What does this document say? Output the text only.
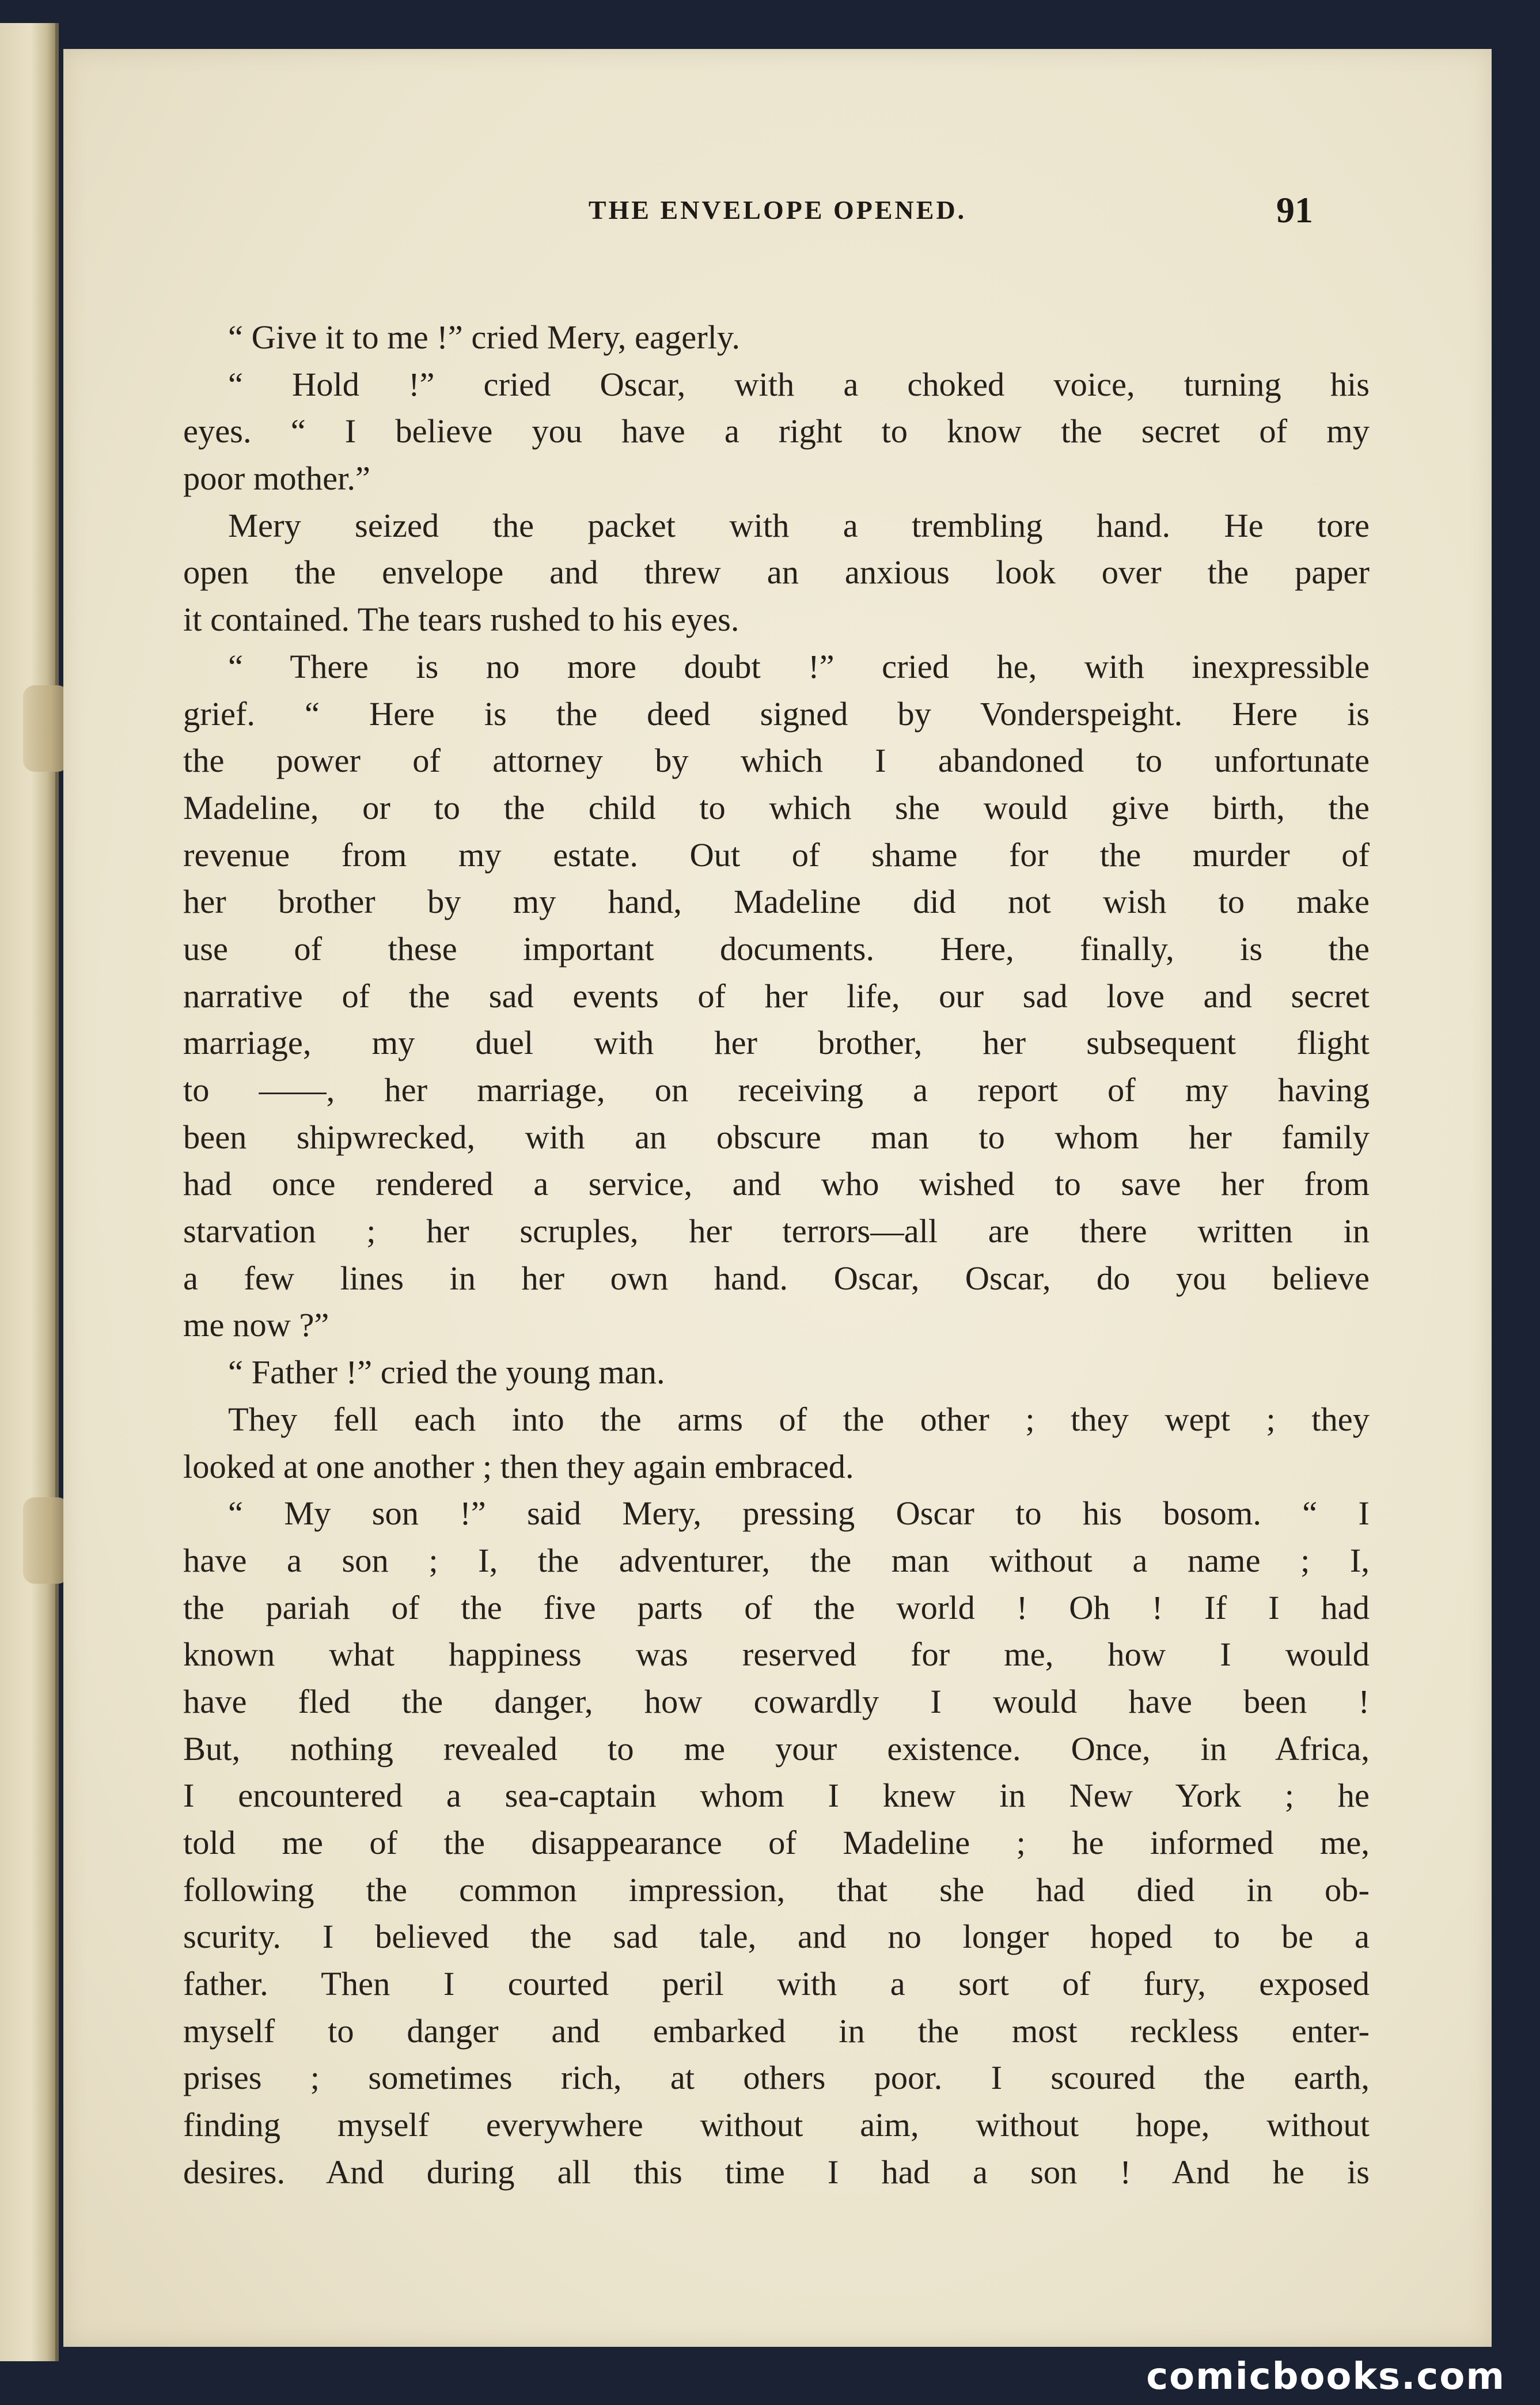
THE ENVELOPE OPENED.	91
“ Give it to me !” cried Mery, eagerly.
“ Hold !” cried Oscar, with a choked voice, turning his
eyes. “ I believe you have a right to know the secret of my
poor mother.”
Mery seized the packet with a trembling hand. He tore
open the envelope and threw an anxious look over the paper
it contained. The tears rushed to his eyes.
“ There is no more doubt !” cried he, with inexpressible
grief. “ Here is the deed signed by Vonderspeight. Here is
the power of attorney by which I abandoned to unfortunate
Madeline, or to the child to which she would give birth, the
revenue from my estate. Out of shame for the murder of
her brother by my hand, Madeline did not wish to make
use of these important documents. Here, finally, is the
narrative of the sad events of her life, our sad love and secret
marriage, my duel with her brother, her subsequent flight
to ——, her marriage, on receiving a report of my having
been shipwrecked, with an obscure man to whom her family
had once rendered a service, and who wished to save her from
starvation ; her scruples, her terrors—all are there written in
a few lines in her own hand. Oscar, Oscar, do you believe
me now ?”
“ Father !” cried the young man.
They fell each into the arms of the other ; they wept ; they
looked at one another ; then they again embraced.
“ My son !” said Mery, pressing Oscar to his bosom. “ I
have a son ; I, the adventurer, the man without a name ; I,
the pariah of the five parts of the world ! Oh ! If I had
known what happiness was reserved for me, how I would
have fled the danger, how cowardly I would have been !
But, nothing revealed to me your existence. Once, in Africa,
I encountered a sea-captain whom I knew in New York ; he
told me of the disappearance of Madeline ; he informed me,
following the common impression, that she had died in ob-
scurity. I believed the sad tale, and no longer hoped to be a
father. Then I courted peril with a sort of fury, exposed
myself to danger and embarked in the most reckless enter-
prises ; sometimes rich, at others poor. I scoured the earth,
finding myself everywhere without aim, without hope, without
desires. And during all this time I had a son ! And he is
comicbooks.com
